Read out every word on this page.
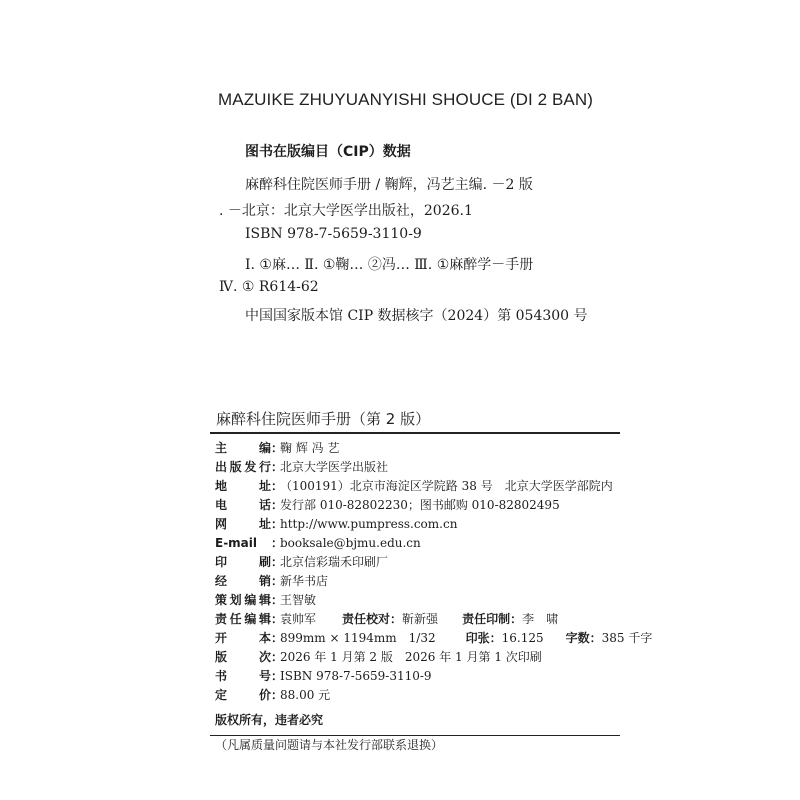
MAZUIKE ZHUYUANYISHI SHOUCE (DI 2 BAN)
图书在版编目（CIP）数据
麻醉科住院医师手册 / 鞠辉，冯艺主编. －2 版
. －北京：北京大学医学出版社，2026.1
ISBN 978-7-5659-3110-9
Ⅰ. ①麻… Ⅱ. ①鞠… ②冯… Ⅲ. ①麻醉学－手册
Ⅳ. ① R614-62
中国国家版本馆 CIP 数据核字（2024）第 054300 号
麻醉科住院医师手册（第 2 版）
主编 ：
鞠 辉 冯 艺
出版发行 ：
北京大学医学出版社
地址 ：
（100191）北京市海淀区学院路 38 号　北京大学医学部院内
电话 ：
发行部 010-82802230；图书邮购 010-82802495
网址 ：
http://www.pumpress.com.cn
E-mail	：
booksale@bjmu.edu.cn
印刷 ：
北京信彩瑞禾印刷厂
经销 ：
新华书店
策划编辑 ：
王智敏
责任编辑 ：
袁帅军 责任校对 ： 靳新强 责任印制 ： 李　啸
开本 ：
899mm × 1194mm　1/32	印张 ： 16.125 字数 ： 385 千字
版次 ：
2026 年 1 月第 2 版　2026 年 1 月第 1 次印刷
书号 ：
ISBN 978-7-5659-3110-9
定价 ：
88.00 元
版权所有，违者必究
（凡属质量问题请与本社发行部联系退换）
